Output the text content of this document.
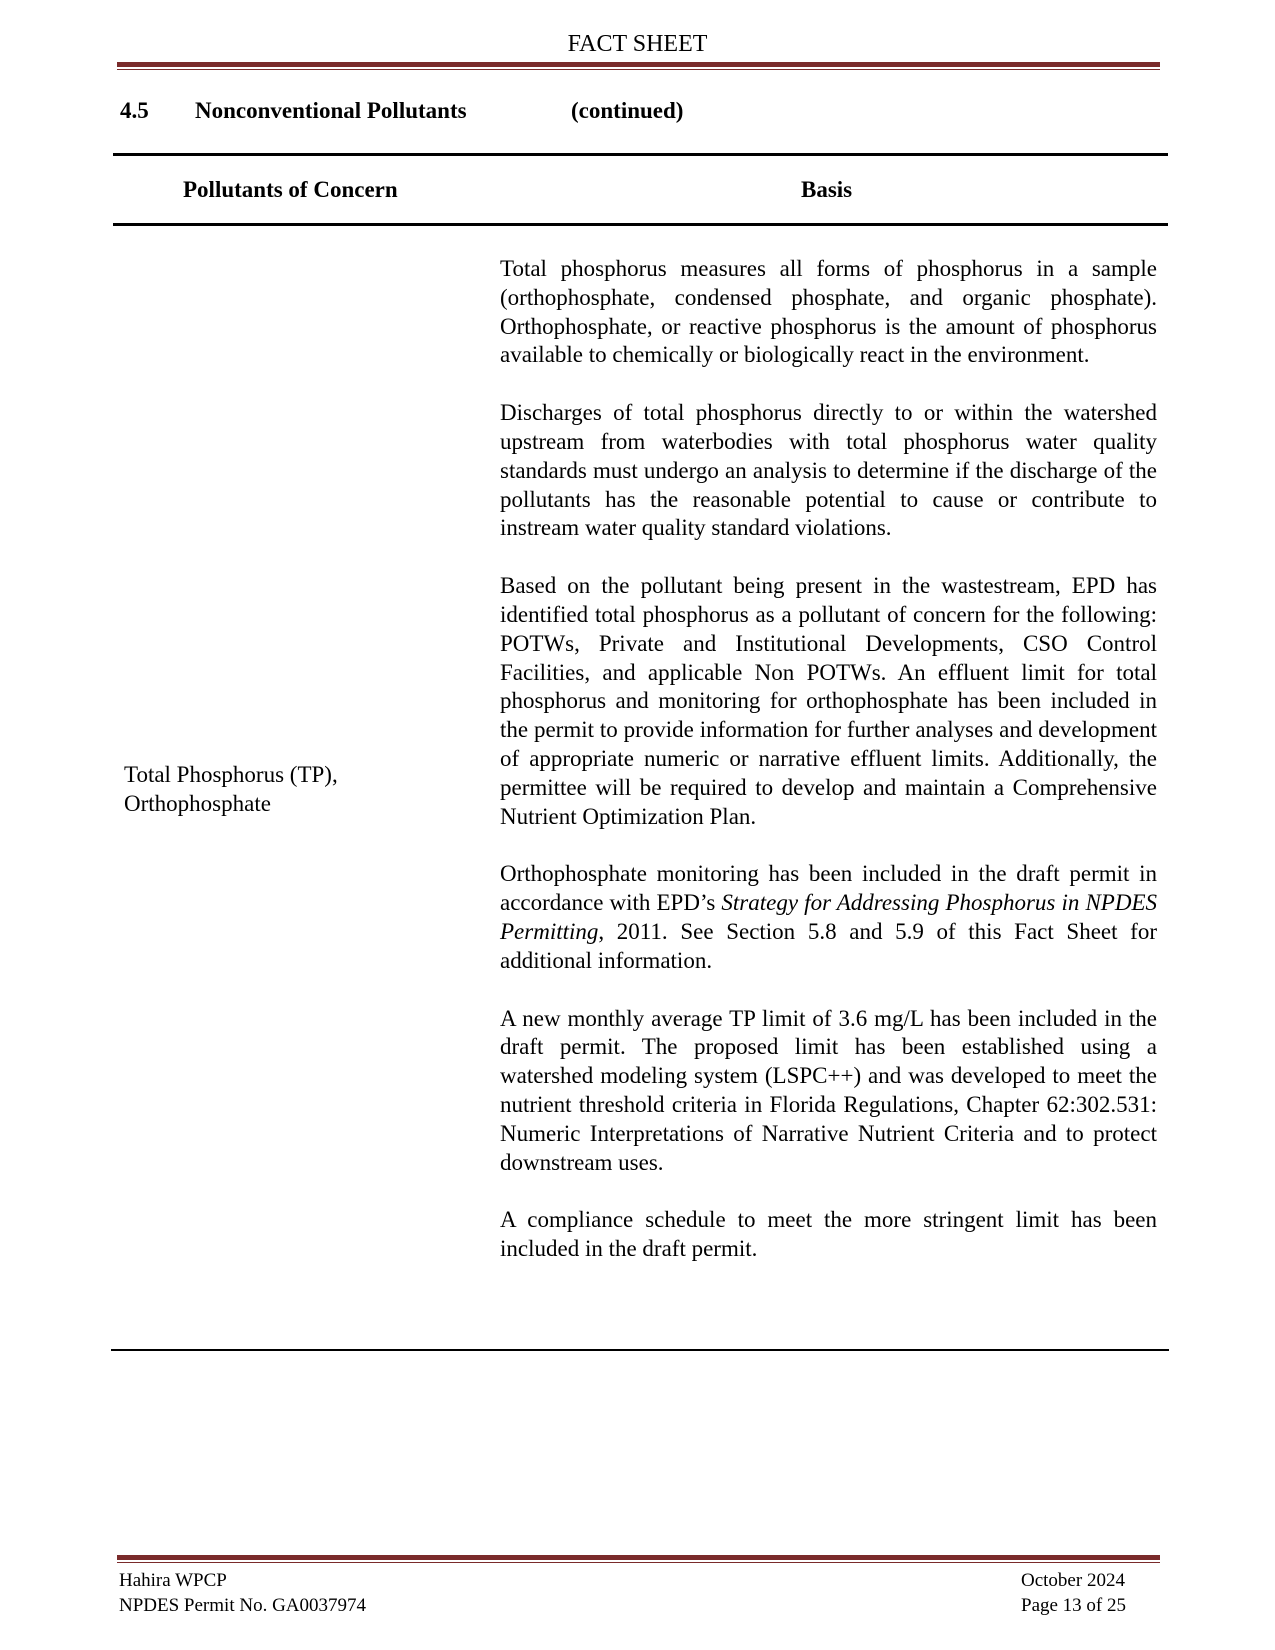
FACT SHEET
4.5 Nonconventional Pollutants	(continued)
Pollutants of Concern	Basis
Total Phosphorus (TP),
Orthophosphate

Total phosphorus measures all forms of phosphorus in a sample (orthophosphate, condensed phosphate, and organic phosphate). Orthophosphate, or reactive phosphorus is the amount of phosphorus available to chemically or biologically react in the environment.

Discharges of total phosphorus directly to or within the watershed upstream from waterbodies with total phosphorus water quality standards must undergo an analysis to determine if the discharge of the pollutants has the reasonable potential to cause or contribute to instream water quality standard violations.

Based on the pollutant being present in the wastestream, EPD has identified total phosphorus as a pollutant of concern for the following: POTWs, Private and Institutional Developments, CSO Control Facilities, and applicable Non POTWs. An effluent limit for total phosphorus and monitoring for orthophosphate has been included in the permit to provide information for further analyses and development of appropriate numeric or narrative effluent limits. Additionally, the permittee will be required to develop and maintain a Comprehensive Nutrient Optimization Plan.

Orthophosphate monitoring has been included in the draft permit in accordance with EPD’s Strategy for Addressing Phosphorus in NPDES Permitting, 2011. See Section 5.8 and 5.9 of this Fact Sheet for additional information.

A new monthly average TP limit of 3.6 mg/L has been included in the draft permit. The proposed limit has been established using a watershed modeling system (LSPC++) and was developed to meet the nutrient threshold criteria in Florida Regulations, Chapter 62:302.531: Numeric Interpretations of Narrative Nutrient Criteria and to protect downstream uses.

A compliance schedule to meet the more stringent limit has been included in the draft permit.

Hahira WPCP
NPDES Permit No. GA0037974
October 2024
Page 13 of 25
